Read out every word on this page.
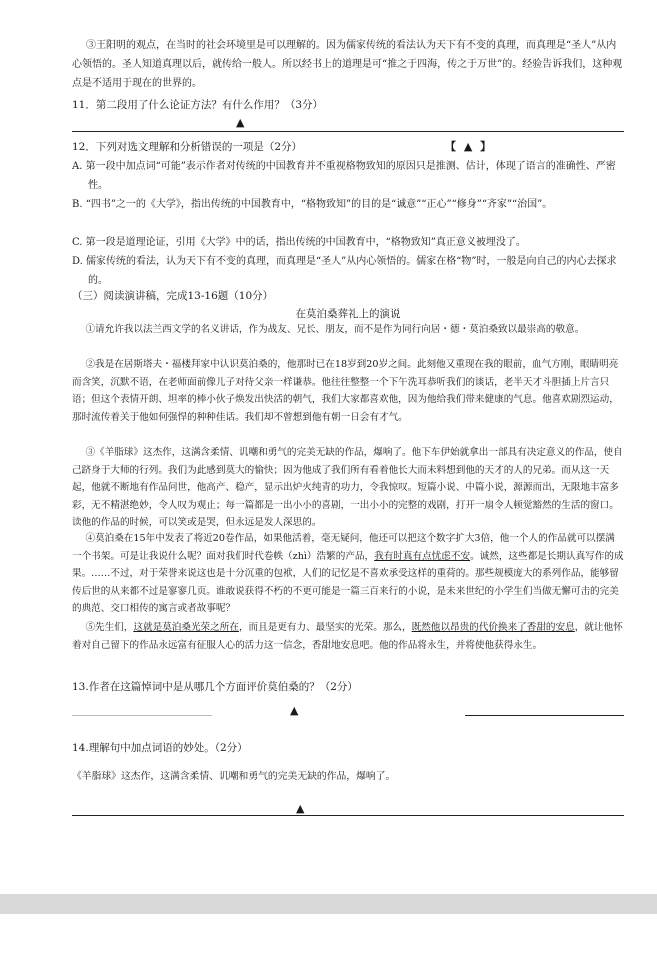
③王阳明的观点，在当时的社会环境里是可以理解的。因为儒家传统的看法认为天下有不变的真理，而真理是“圣人”从内心领悟的。圣人知道真理以后，就传给一般人。所以经书上的道理是可“推之于四海，传之于万世”的。经验告诉我们，这种观点是不适用于现在的世界的。

11．第二段用了什么论证方法？有什么作用？（3分）
▲
12．下列对选文理解和分析错误的一项是（2分）	【 ▲ 】
A. 第一段中加点词“可能”表示作者对传统的中国教育并不重视格物致知的原因只是推测、估计，体现了语言的准确性、严密性。
B. “四书”之一的《大学》，指出传统的中国教育中，“格物致知”的目的是“诚意”“正心”“修身”“齐家”“治国”。
C. 第一段是道理论证，引用《大学》中的话，指出传统的中国教育中，“格物致知”真正意义被埋没了。
D. 儒家传统的看法，认为天下有不变的真理，而真理是“圣人”从内心领悟的。儒家在格“物”时，一般是向自己的内心去探求的。
（三）阅读演讲稿，完成13-16题（10分）
在莫泊桑葬礼上的演说
①请允许我以法兰西文学的名义讲话，作为战友、兄长、朋友，而不是作为同行向居・德・莫泊桑致以最崇高的敬意。
②我是在居斯塔夫・福楼拜家中认识莫泊桑的，他那时已在18岁到20岁之间。此刻他又重现在我的眼前，血气方刚，眼睛明亮而含笑，沉默不语，在老师面前像儿子对待父亲一样谦恭。他往往整整一个下午洗耳恭听我们的谈话，老半天才斗胆插上片言只语；但这个表情开朗、坦率的棒小伙子焕发出快活的朝气，我们大家都喜欢他，因为他给我们带来健康的气息。他喜欢剧烈运动，那时流传着关于他如何强悍的种种佳话。我们却不曾想到他有朝一日会有才气。
③《羊脂球》这杰作，这满含柔情、讥嘲和勇气的完美无缺的作品，爆响了。他下车伊始就拿出一部具有决定意义的作品，使自己跻身于大师的行列。我们为此感到莫大的愉快；因为他成了我们所有看着他长大而未料想到他的天才的人的兄弟。而从这一天起，他就不断地有作品问世，他高产、稳产，显示出炉火纯青的功力，令我惊叹。短篇小说、中篇小说，源源而出，无限地丰富多彩，无不精湛绝妙，令人叹为观止；每一篇都是一出小小的喜剧，一出小小的完整的戏剧，打开一扇令人顿觉豁然的生活的窗口。读他的作品的时候，可以笑或是哭，但永远是发人深思的。
④莫泊桑在15年中发表了将近20卷作品，如果他活着，毫无疑问，他还可以把这个数字扩大3倍，他一个人的作品就可以摆满一个书架。可是让我说什么呢？面对我们时代卷帙（zhì）浩繁的产品，我有时真有点忧虑不安。诚然，这些都是长期认真写作的成果。……不过，对于荣誉来说这也是十分沉重的包袱，人们的记忆是不喜欢承受这样的重荷的。那些规模庞大的系列作品，能够留传后世的从来都不过是寥寥几页。谁敢说获得不朽的不更可能是一篇三百来行的小说，是未来世纪的小学生们当做无懈可击的完美的典范、交口相传的寓言或者故事呢？
⑤先生们，这就是莫泊桑光荣之所在，而且是更有力、最坚实的光荣。那么，既然他以昂贵的代价换来了香甜的安息，就让他怀着对自己留下的作品永远富有征服人心的活力这一信念，香甜地安息吧。他的作品将永生，并将使他获得永生。
13.作者在这篇悼词中是从哪几个方面评价莫伯桑的？（2分）
▲
14.理解句中加点词语的妙处。（2分）
《羊脂球》这杰作，这满含柔情、讥嘲和勇气的完美无缺的作品，爆响了。
▲
